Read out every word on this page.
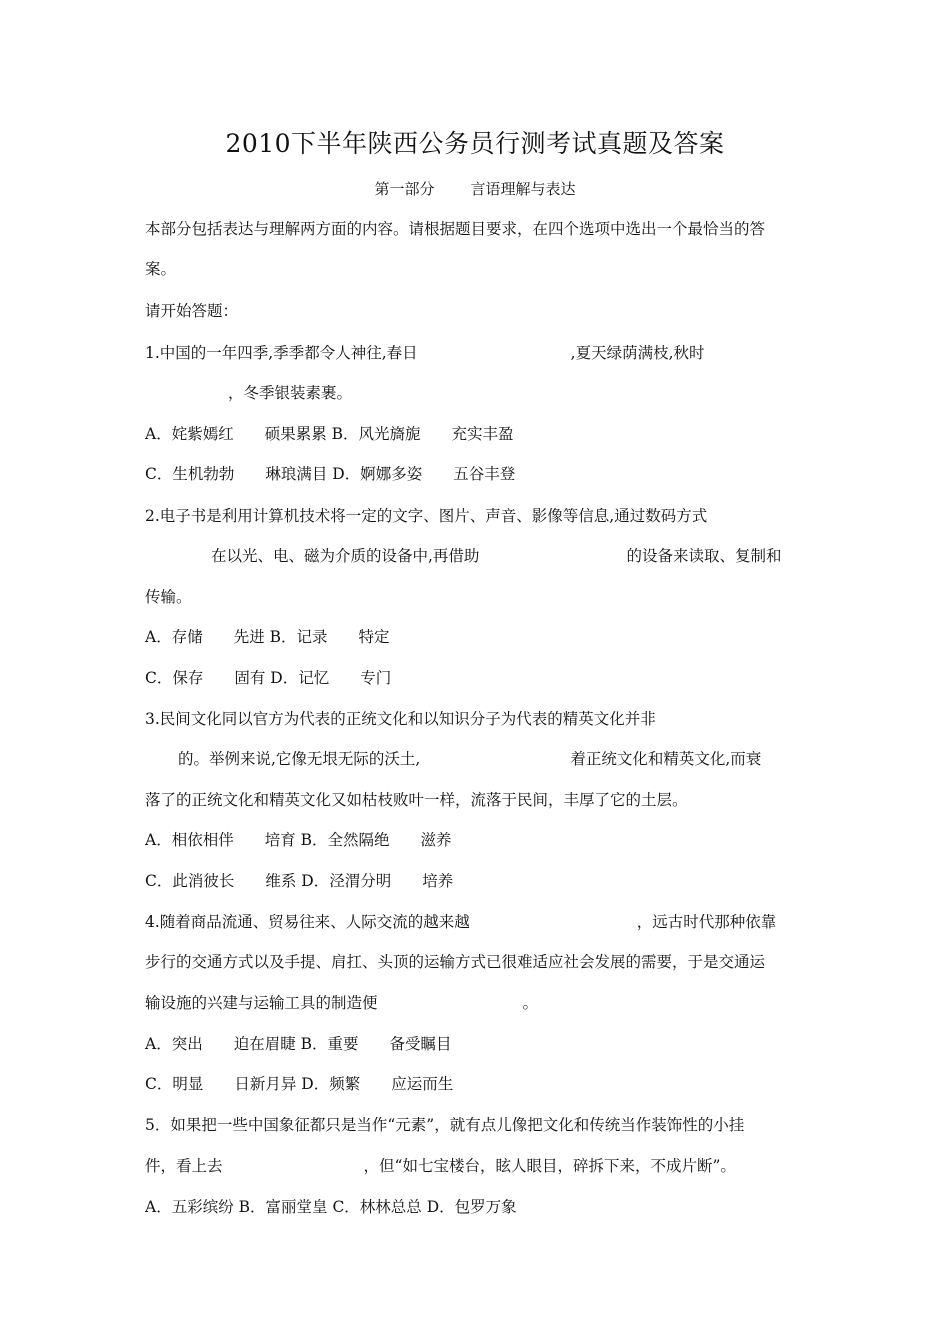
2010下半年陕西公务员行测考试真题及答案
第一部分 言语理解与表达
本部分包括表达与理解两方面的内容。请根据题目要求，在四个选项中选出一个最恰当的答
案。
请开始答题：
1.中国的一年四季,季季都令人神往,春日	,夏天绿荫满枝,秋时
，冬季银装素裹。
A．姹紫嫣红　　硕果累累 B．风光旖旎　　充实丰盈
C．生机勃勃　　琳琅满目 D．婀娜多姿　　五谷丰登
2.电子书是利用计算机技术将一定的文字、图片、声音、影像等信息,通过数码方式
在以光、电、磁为介质的设备中,再借助	的设备来读取、复制和
传输。
A．存储　　先进 B．记录　　特定
C．保存　　固有 D．记忆　　专门
3.民间文化同以官方为代表的正统文化和以知识分子为代表的精英文化并非
的。举例来说,它像无垠无际的沃土,	着正统文化和精英文化,而衰
落了的正统文化和精英文化又如枯枝败叶一样，流落于民间，丰厚了它的土层。
A．相依相伴　　培育 B．全然隔绝　　滋养
C．此消彼长　　维系 D．泾渭分明　　培养
4.随着商品流通、贸易往来、人际交流的越来越	，远古时代那种依靠
步行的交通方式以及手提、肩扛、头顶的运输方式已很难适应社会发展的需要，于是交通运
输设施的兴建与运输工具的制造便	。
A．突出　　迫在眉睫 B．重要　　备受瞩目
C．明显　　日新月异 D．频繁　　应运而生
5．如果把一些中国象征都只是当作“元素”，就有点儿像把文化和传统当作装饰性的小挂
件，看上去	，但“如七宝楼台，眩人眼目，碎拆下来，不成片断”。
A．五彩缤纷 B．富丽堂皇 C．林林总总 D．包罗万象
